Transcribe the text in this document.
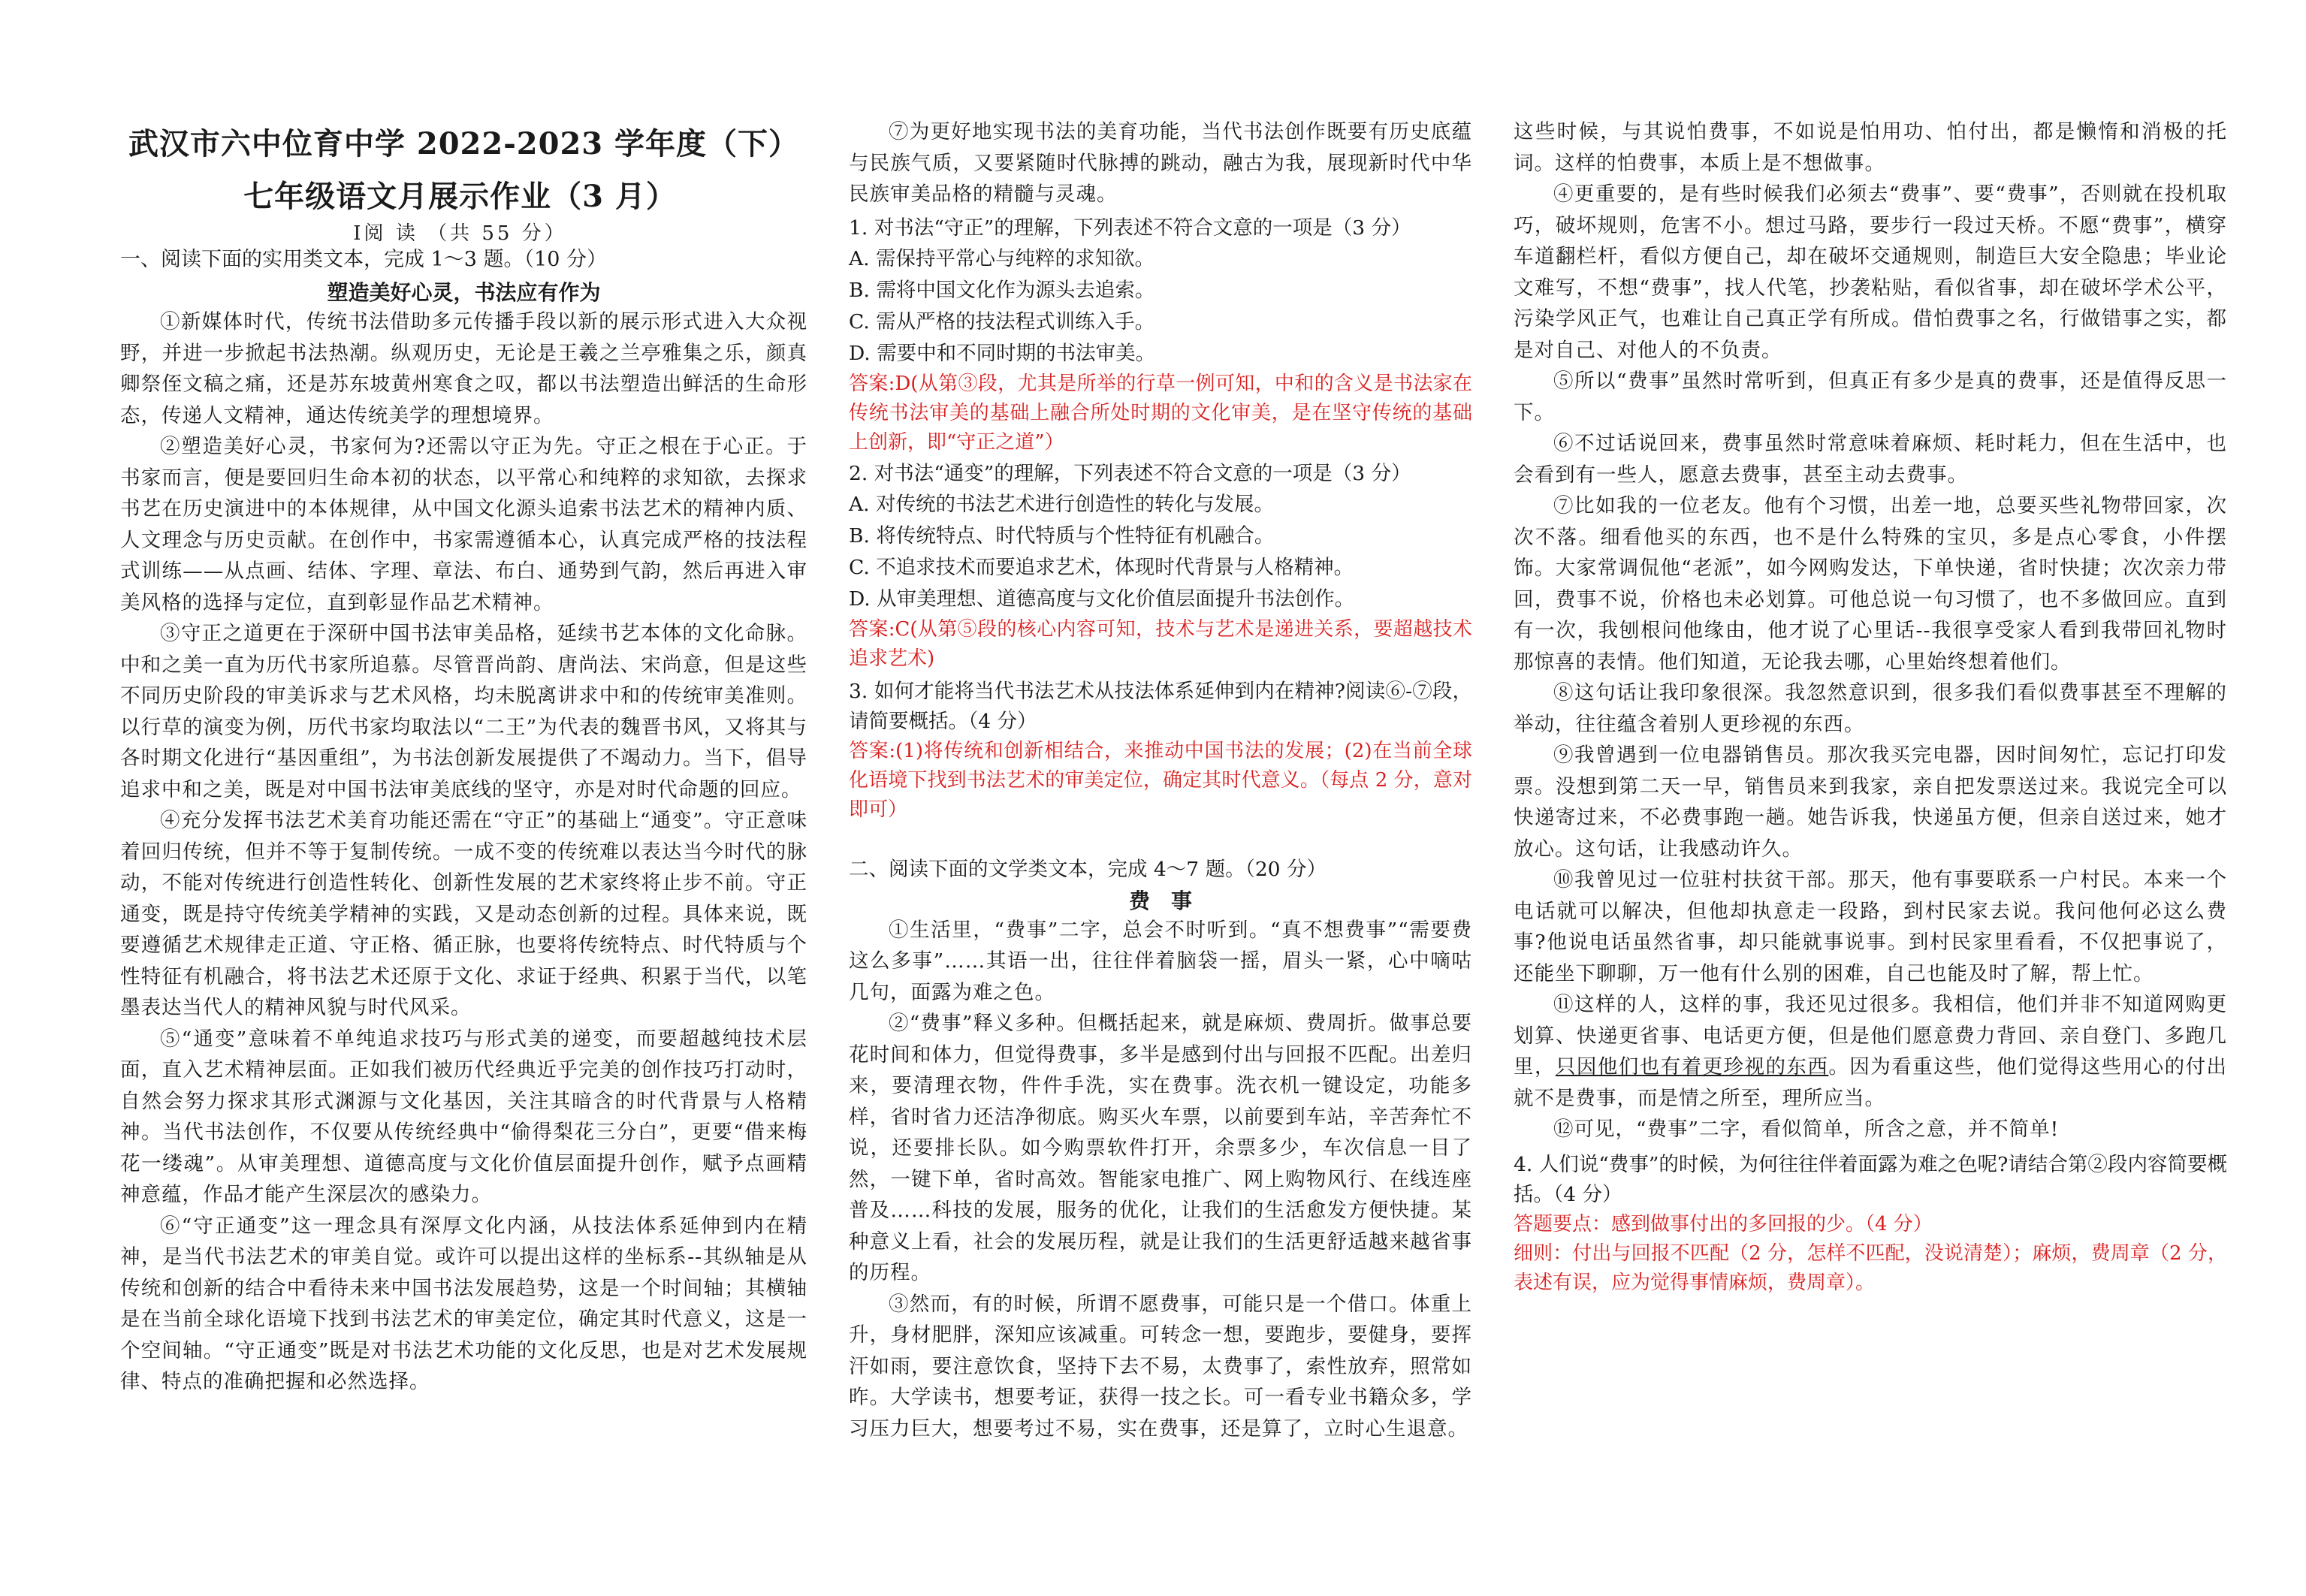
武汉市六中位育中学 2022-2023 学年度（下）
七年级语文月展示作业（3 月）
Ⅰ阅 读 （共 55 分）
一、阅读下面的实用类文本，完成 1～3 题。（10 分）
塑造美好心灵，书法应有作为

①新媒体时代，传统书法借助多元传播手段以新的展示形式进入大众视野，并进一步掀起书法热潮。纵观历史，无论是王羲之兰亭雅集之乐，颜真卿祭侄文稿之痛，还是苏东坡黄州寒食之叹，都以书法塑造出鲜活的生命形态，传递人文精神，通达传统美学的理想境界。

②塑造美好心灵，书家何为?还需以守正为先。守正之根在于心正。于书家而言，便是要回归生命本初的状态，以平常心和纯粹的求知欲，去探求书艺在历史演进中的本体规律，从中国文化源头追索书法艺术的精神内质、人文理念与历史贡献。在创作中，书家需遵循本心，认真完成严格的技法程式训练——从点画、结体、字理、章法、布白、通势到气韵，然后再进入审美风格的选择与定位，直到彰显作品艺术精神。

③守正之道更在于深研中国书法审美品格，延续书艺本体的文化命脉。中和之美一直为历代书家所追慕。尽管晋尚韵、唐尚法、宋尚意，但是这些不同历史阶段的审美诉求与艺术风格，均未脱离讲求中和的传统审美准则。以行草的演变为例，历代书家均取法以“二王”为代表的魏晋书风，又将其与各时期文化进行“基因重组”，为书法创新发展提供了不竭动力。当下，倡导追求中和之美，既是对中国书法审美底线的坚守，亦是对时代命题的回应。

④充分发挥书法艺术美育功能还需在“守正”的基础上“通变”。守正意味着回归传统，但并不等于复制传统。一成不变的传统难以表达当今时代的脉动，不能对传统进行创造性转化、创新性发展的艺术家终将止步不前。守正通变，既是持守传统美学精神的实践，又是动态创新的过程。具体来说，既要遵循艺术规律走正道、守正格、循正脉，也要将传统特点、时代特质与个性特征有机融合，将书法艺术还原于文化、求证于经典、积累于当代，以笔墨表达当代人的精神风貌与时代风采。

⑤“通变”意味着不单纯追求技巧与形式美的递变，而要超越纯技术层面，直入艺术精神层面。正如我们被历代经典近乎完美的创作技巧打动时，自然会努力探求其形式渊源与文化基因，关注其暗含的时代背景与人格精神。当代书法创作，不仅要从传统经典中“偷得梨花三分白”，更要“借来梅花一缕魂”。从审美理想、道德高度与文化价值层面提升创作，赋予点画精神意蕴，作品才能产生深层次的感染力。

⑥“守正通变”这一理念具有深厚文化内涵，从技法体系延伸到内在精神，是当代书法艺术的审美自觉。或许可以提出这样的坐标系--其纵轴是从传统和创新的结合中看待未来中国书法发展趋势，这是一个时间轴；其横轴是在当前全球化语境下找到书法艺术的审美定位，确定其时代意义，这是一个空间轴。“守正通变”既是对书法艺术功能的文化反思，也是对艺术发展规律、特点的准确把握和必然选择。

⑦为更好地实现书法的美育功能，当代书法创作既要有历史底蕴与民族气质，又要紧随时代脉搏的跳动，融古为我，展现新时代中华民族审美品格的精髓与灵魂。

1. 对书法“守正”的理解，下列表述不符合文意的一项是（3 分）

A. 需保持平常心与纯粹的求知欲。

B. 需将中国文化作为源头去追索。

C. 需从严格的技法程式训练入手。

D. 需要中和不同时期的书法审美。

答案:D(从第③段，尤其是所举的行草一例可知，中和的含义是书法家在传统书法审美的基础上融合所处时期的文化审美，是在坚守传统的基础上创新，即“守正之道”）

2. 对书法“通变”的理解，下列表述不符合文意的一项是（3 分）

A. 对传统的书法艺术进行创造性的转化与发展。

B. 将传统特点、时代特质与个性特征有机融合。

C. 不追求技术而要追求艺术，体现时代背景与人格精神。

D. 从审美理想、道德高度与文化价值层面提升书法创作。

答案:C(从第⑤段的核心内容可知，技术与艺术是递进关系，要超越技术追求艺术)

3. 如何才能将当代书法艺术从技法体系延伸到内在精神?阅读⑥-⑦段，请简要概括。（4 分）

答案:(1)将传统和创新相结合，来推动中国书法的发展；(2)在当前全球化语境下找到书法艺术的审美定位，确定其时代意义。（每点 2 分，意对即可）

二、阅读下面的文学类文本，完成 4～7 题。（20 分）

费　事

①生活里，“费事”二字，总会不时听到。“真不想费事”“需要费这么多事”……其语一出，往往伴着脑袋一摇，眉头一紧，心中嘀咕几句，面露为难之色。

②“费事”释义多种。但概括起来，就是麻烦、费周折。做事总要花时间和体力，但觉得费事，多半是感到付出与回报不匹配。出差归来，要清理衣物，件件手洗，实在费事。洗衣机一键设定，功能多样，省时省力还洁净彻底。购买火车票，以前要到车站，辛苦奔忙不说，还要排长队。如今购票软件打开，余票多少，车次信息一目了然，一键下单，省时高效。智能家电推广、网上购物风行、在线连座普及……科技的发展，服务的优化，让我们的生活愈发方便快捷。某种意义上看，社会的发展历程，就是让我们的生活更舒适越来越省事的历程。

③然而，有的时候，所谓不愿费事，可能只是一个借口。体重上升，身材肥胖，深知应该减重。可转念一想，要跑步，要健身，要挥汗如雨，要注意饮食，坚持下去不易，太费事了，索性放弃，照常如昨。大学读书，想要考证，获得一技之长。可一看专业书籍众多，学习压力巨大，想要考过不易，实在费事，还是算了，立时心生退意。

这些时候，与其说怕费事，不如说是怕用功、怕付出，都是懒惰和消极的托词。这样的怕费事，本质上是不想做事。

④更重要的，是有些时候我们必须去“费事”、要“费事”，否则就在投机取巧，破坏规则，危害不小。想过马路，要步行一段过天桥。不愿“费事”，横穿车道翻栏杆，看似方便自己，却在破坏交通规则，制造巨大安全隐患；毕业论文难写，不想“费事”，找人代笔，抄袭粘贴，看似省事，却在破坏学术公平，污染学风正气，也难让自己真正学有所成。借怕费事之名，行做错事之实，都是对自己、对他人的不负责。

⑤所以“费事”虽然时常听到，但真正有多少是真的费事，还是值得反思一下。

⑥不过话说回来，费事虽然时常意味着麻烦、耗时耗力，但在生活中，也会看到有一些人，愿意去费事，甚至主动去费事。

⑦比如我的一位老友。他有个习惯，出差一地，总要买些礼物带回家，次次不落。细看他买的东西，也不是什么特殊的宝贝，多是点心零食，小件摆饰。大家常调侃他“老派”，如今网购发达，下单快递，省时快捷；次次亲力带回，费事不说，价格也未必划算。可他总说一句习惯了，也不多做回应。直到有一次，我刨根问他缘由，他才说了心里话--我很享受家人看到我带回礼物时那惊喜的表情。他们知道，无论我去哪，心里始终想着他们。

⑧这句话让我印象很深。我忽然意识到，很多我们看似费事甚至不理解的举动，往往蕴含着别人更珍视的东西。

⑨我曾遇到一位电器销售员。那次我买完电器，因时间匆忙，忘记打印发票。没想到第二天一早，销售员来到我家，亲自把发票送过来。我说完全可以快递寄过来，不必费事跑一趟。她告诉我，快递虽方便，但亲自送过来，她才放心。这句话，让我感动许久。

⑩我曾见过一位驻村扶贫干部。那天，他有事要联系一户村民。本来一个电话就可以解决，但他却执意走一段路，到村民家去说。我问他何必这么费事?他说电话虽然省事，却只能就事说事。到村民家里看看，不仅把事说了，还能坐下聊聊，万一他有什么别的困难，自己也能及时了解，帮上忙。

⑪这样的人，这样的事，我还见过很多。我相信，他们并非不知道网购更划算、快递更省事、电话更方便，但是他们愿意费力背回、亲自登门、多跑几里，只因他们也有着更珍视的东西。因为看重这些，他们觉得这些用心的付出就不是费事，而是情之所至，理所应当。

⑫可见，“费事”二字，看似简单，所含之意，并不简单!

4. 人们说“费事”的时候，为何往往伴着面露为难之色呢?请结合第②段内容简要概括。（4 分）

答题要点：感到做事付出的多回报的少。（4 分）

细则：付出与回报不匹配（2 分，怎样不匹配，没说清楚）；麻烦，费周章（2 分，表述有误，应为觉得事情麻烦，费周章）。
